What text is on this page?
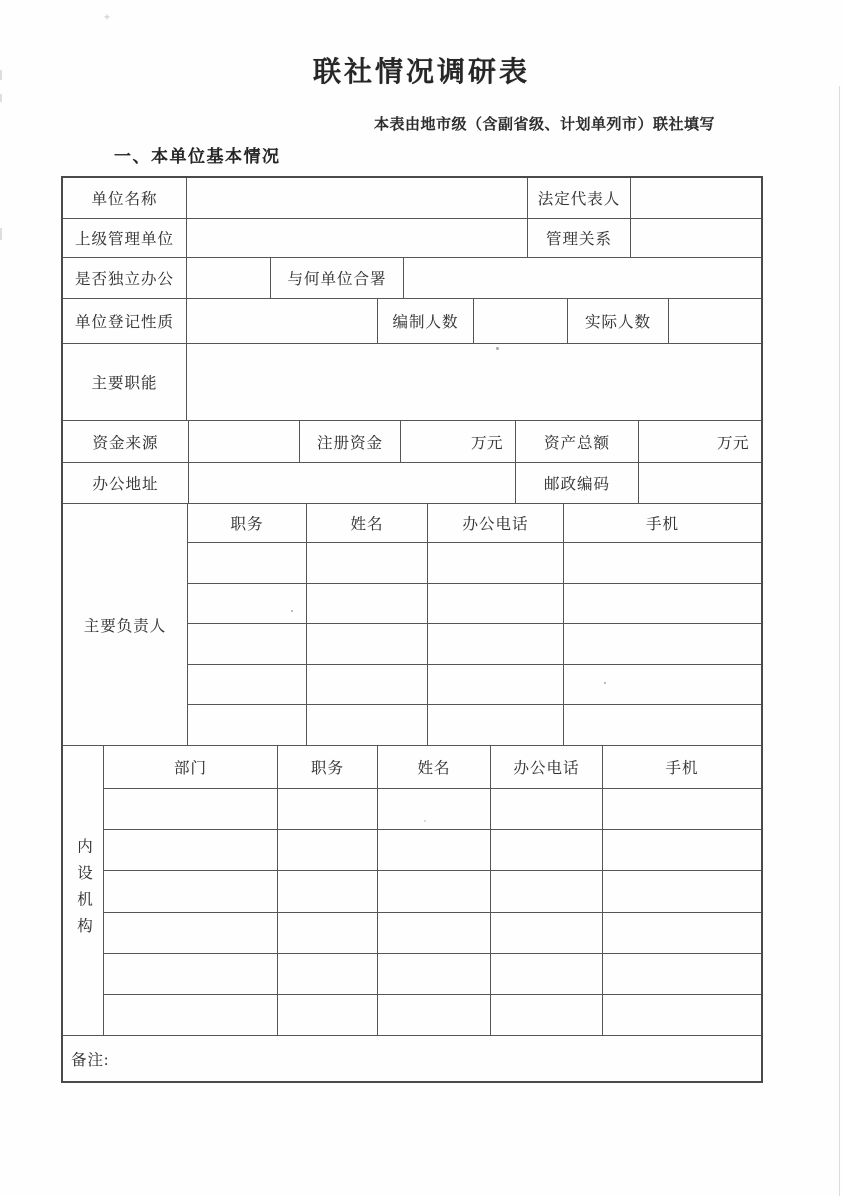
联社情况调研表
本表由地市级（含副省级、计划单列市）联社填写
一、本单位基本情况
单位名称	法定代表人
上级管理单位	管理关系
是否独立办公	与何单位合署
单位登记性质	编制人数	实际人数
主要职能
资金来源	注册资金	万元	资产总额	万元
办公地址	邮政编码
主要负责人
职务	姓名	办公电话	手机
内设机构
部门	职务	姓名	办公电话	手机
备注:
+
